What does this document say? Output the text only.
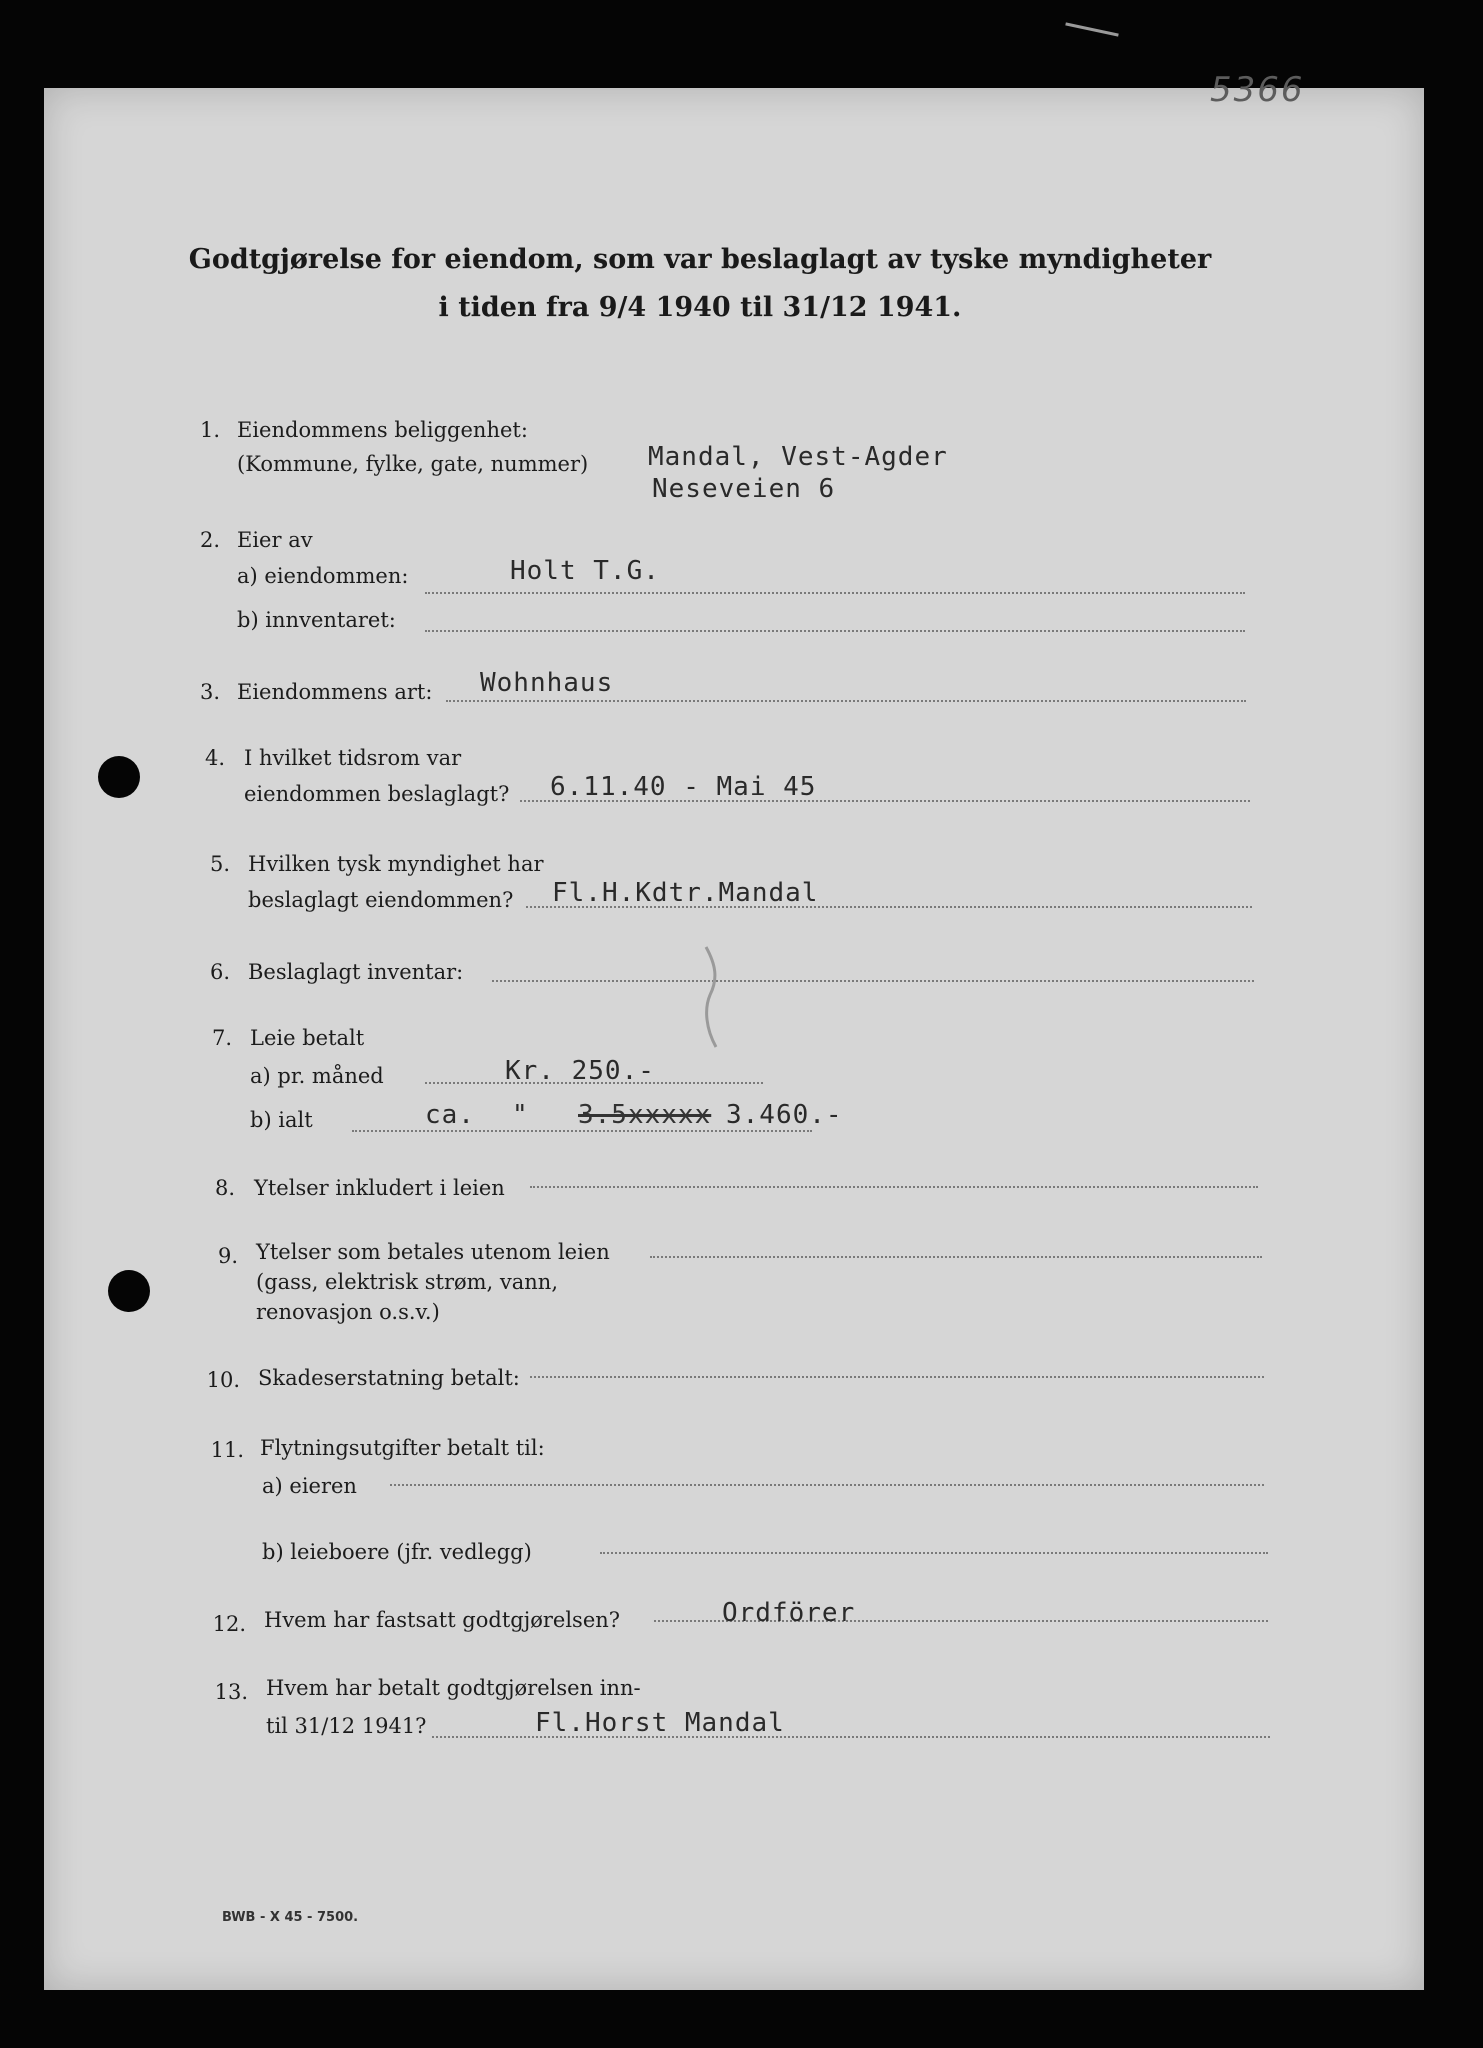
5366
Godtgjørelse for eiendom, som var beslaglagt av tyske myndigheter
i tiden fra 9/4 1940 til 31/12 1941.
1. Eiendommens beliggenhet:
(Kommune, fylke, gate, nummer) Mandal, Vest-Agder
Neseveien 6
2. Eier av
a) eiendommen:	Holt T.G.
b) innventaret:
3. Eiendommens art: Wohnhaus
4. I hvilket tidsrom var
eiendommen beslaglagt? 6.11.40 - Mai 45
5. Hvilken tysk myndighet har
beslaglagt eiendommen? Fl.H.Kdtr.Mandal
6. Beslaglagt inventar:
7. Leie betalt
a) pr. måned	Kr. 250.-
b) ialt	ca. " 3.5xxxxx 3.460.-
8. Ytelser inkludert i leien
9. Ytelser som betales utenom leien
(gass, elektrisk strøm, vann,
renovasjon o.s.v.)
10. Skadeserstatning betalt:
11. Flytningsutgifter betalt til:
a) eieren
b) leieboere (jfr. vedlegg)
12. Hvem har fastsatt godtgjørelsen?	Ordförer
13. Hvem har betalt godtgjørelsen inn-
til 31/12 1941?	Fl.Horst Mandal
BWB - X 45 - 7500.
